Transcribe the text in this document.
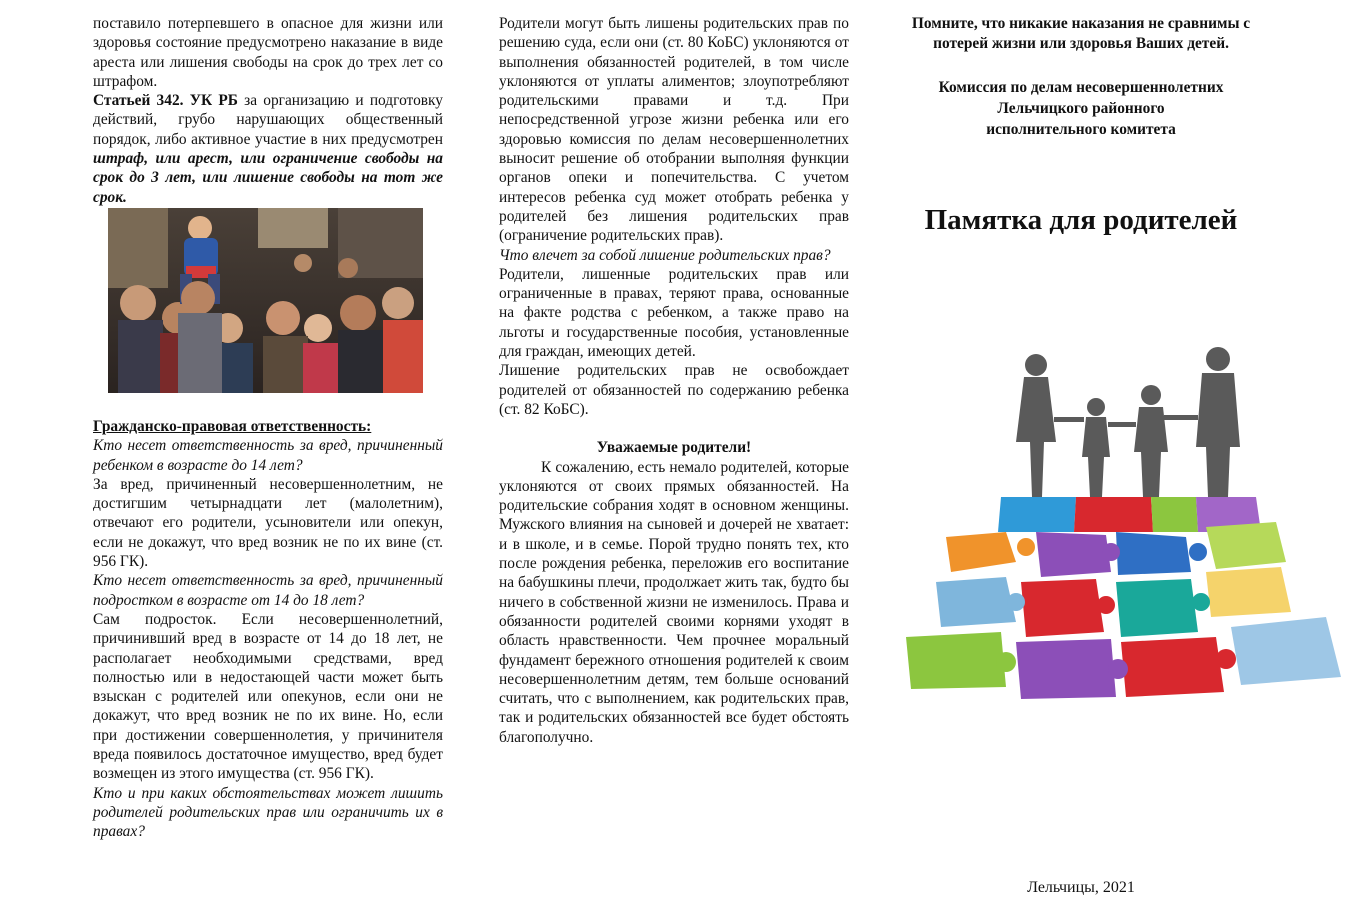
поставило потерпевшего в опасное для жизни или здоровья состояние предусмотрено наказание в виде ареста или лишения свободы на срок до трех лет со штрафом.

Статьей 342. УК РБ за организацию и подготовку действий, грубо нарушающих общественный порядок, либо активное участие в них предусмотрен штраф, или арест, или ограничение свободы на срок до 3 лет, или лишение свободы на тот же срок.

Гражданско-правовая ответственность:

Кто несет ответственность за вред, причиненный ребенком в возрасте до 14 лет?

За вред, причиненный несовершеннолетним, не достигшим четырнадцати лет (малолетним), отвечают его родители, усыновители или опекун, если не докажут, что вред возник не по их вине (ст. 956 ГК).

Кто несет ответственность за вред, причиненный подростком в возрасте от 14 до 18 лет?

Сам подросток. Если несовершеннолетний, причинивший вред в возрасте от 14 до 18 лет, не располагает необходимыми средствами, вред полностью или в недостающей части может быть взыскан с родителей или опекунов, если они не докажут, что вред возник не по их вине. Но, если при достижении совершеннолетия, у причинителя вреда появилось достаточное имущество, вред будет возмещен из этого имущества (ст. 956 ГК).

Кто и при каких обстоятельствах может лишить родителей родительских прав или ограничить их в правах?

Родители могут быть лишены родительских прав по решению суда, если они (ст. 80 КоБС) уклоняются от выполнения обязанностей родителей, в том числе уклоняются от уплаты алиментов; злоупотребляют родительскими правами и т.д. При непосредственной угрозе жизни ребенка или его здоровью комиссия по делам несовершеннолетних выносит решение об отобрании выполняя функции органов опеки и попечительства. С учетом интересов ребенка суд может отобрать ребенка у родителей без лишения родительских прав (ограничение родительских прав).

Что влечет за собой лишение родительских прав?

Родители, лишенные родительских прав или ограниченные в правах, теряют права, основанные на факте родства с ребенком, а также право на льготы и государственные пособия, установленные для граждан, имеющих детей.

Лишение родительских прав не освобождает родителей от обязанностей по содержанию ребенка (ст. 82 КоБС).

Уважаемые родители!

К сожалению, есть немало родителей, которые уклоняются от своих прямых обязанностей. На родительские собрания ходят в основном женщины. Мужского влияния на сыновей и дочерей не хватает: и в школе, и в семье. Порой трудно понять тех, кто после рождения ребенка, переложив его воспитание на бабушкины плечи, продолжает жить так, будто бы ничего в собственной жизни не изменилось. Права и обязанности родителей своими корнями уходят в область нравственности. Чем прочнее моральный фундамент бережного отношения родителей к своим несовершеннолетним детям, тем больше оснований считать, что с выполнением, как родительских прав, так и родительских обязанностей все будет обстоять благополучно.

Помните, что никакие наказания не сравнимы с потерей жизни или здоровья Ваших детей.

Комиссия по делам несовершеннолетних
Лельчицкого районного
исполнительного комитета
Памятка для родителей
Лельчицы, 2021
